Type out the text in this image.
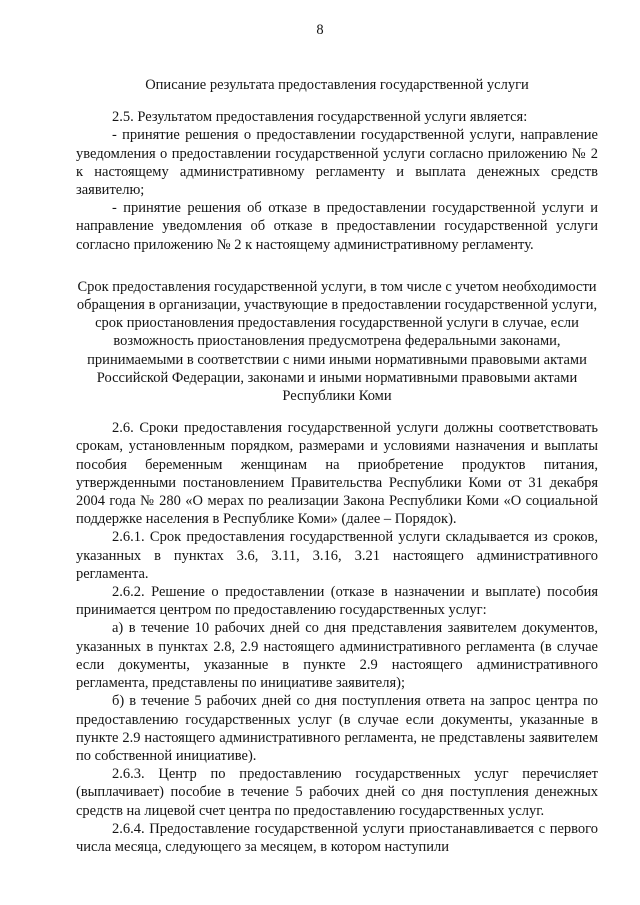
8
Описание результата предоставления государственной услуги

2.5. Результатом предоставления государственной услуги является:

- принятие решения о предоставлении государственной услуги, направление уведомления о предоставлении государственной услуги согласно приложению № 2 к настоящему административному регламенту и выплата денежных средств заявителю;

- принятие решения об отказе в предоставлении государственной услуги и направление уведомления об отказе в предоставлении государственной услуги согласно приложению № 2 к настоящему административному регламенту.

Срок предоставления государственной услуги, в том числе с учетом необходимости обращения в организации, участвующие в предоставлении государственной услуги, срок приостановления предоставления государственной услуги в случае, если возможность приостановления предусмотрена федеральными законами, принимаемыми в соответствии с ними иными нормативными правовыми актами Российской Федерации, законами и иными нормативными правовыми актами Республики Коми

2.6. Сроки предоставления государственной услуги должны соответствовать срокам, установленным порядком, размерами и условиями назначения и выплаты пособия беременным женщинам на приобретение продуктов питания, утвержденными постановлением Правительства Республики Коми от 31 декабря 2004 года № 280 «О мерах по реализации Закона Республики Коми «О социальной поддержке населения в Республике Коми» (далее – Порядок).

2.6.1. Срок предоставления государственной услуги складывается из сроков, указанных в пунктах 3.6, 3.11, 3.16, 3.21 настоящего административного регламента.

2.6.2. Решение о предоставлении (отказе в назначении и выплате) пособия принимается центром по предоставлению государственных услуг:

а) в течение 10 рабочих дней со дня представления заявителем документов, указанных в пунктах 2.8, 2.9 настоящего административного регламента (в случае если документы, указанные в пункте 2.9 настоящего административного регламента, представлены по инициативе заявителя);

б) в течение 5 рабочих дней со дня поступления ответа на запрос центра по предоставлению государственных услуг (в случае если документы, указанные в пункте 2.9 настоящего административного регламента, не представлены заявителем по собственной инициативе).

2.6.3. Центр по предоставлению государственных услуг перечисляет (выплачивает) пособие в течение 5 рабочих дней со дня поступления денежных средств на лицевой счет центра по предоставлению государственных услуг.

2.6.4. Предоставление государственной услуги приостанавливается с первого числа месяца, следующего за месяцем, в котором наступили
